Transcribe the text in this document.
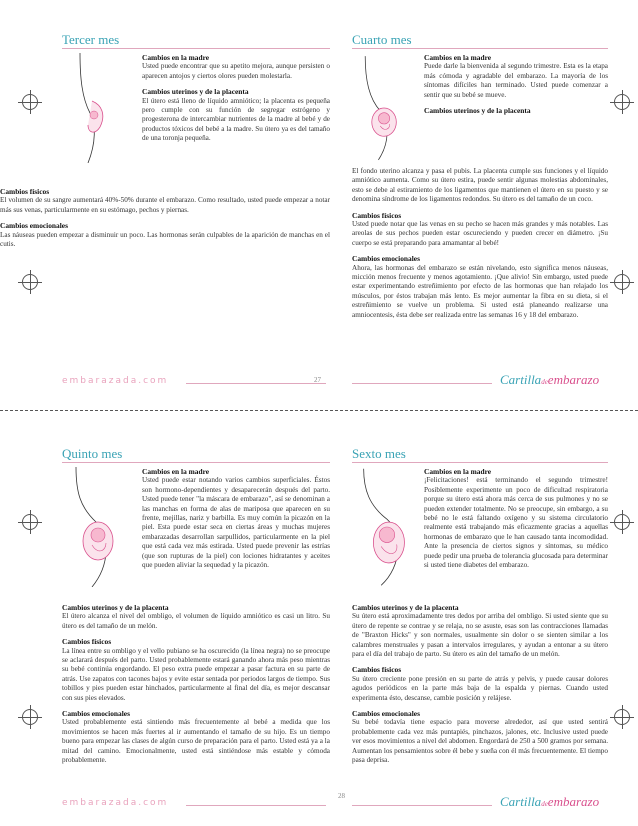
Tercer mes
Cambios en la madre
Usted puede encontrar que su apetito mejora, aunque persisten o aparecen antojos y ciertos olores pueden molestarla.
Cambios uterinos y de la placenta
El útero está lleno de líquido amniótico; la placenta es pequeña pero cumple con su función de segregar estrógeno y progesterona de intercambiar nutrientes de la madre al bebé y de productos tóxicos del bebé a la madre. Su útero ya es del tamaño de una toronja pequeña.
Cambios físicos
El volumen de su sangre aumentará 40%-50% durante el embarazo. Como resultado, usted puede empezar a notar más sus venas, particularmente en su estómago, pechos y piernas.
Cambios emocionales
Las náuseas pueden empezar a disminuir un poco. Las hormonas serán culpables de la aparición de manchas en el cutis.
Cuarto mes
Cambios en la madre
Puede darle la bienvenida al segundo trimestre. Esta es la etapa más cómoda y agradable del embarazo. La mayoría de los síntomas difíciles han terminado. Usted puede comenzar a sentir que su bebé se mueve.
Cambios uterinos y de la placenta
El fondo uterino alcanza y pasa el pubis. La placenta cumple sus funciones y el líquido amniótico aumenta. Como su útero estira, puede sentir algunas molestias abdominales, esto se debe al estiramiento de los ligamentos que mantienen el útero en su puesto y se denomina síndrome de los ligamentos redondos. Su útero es del tamaño de un coco.
Cambios físicos
Usted puede notar que las venas en su pecho se hacen más grandes y más notables. Las areolas de sus pechos pueden estar oscureciendo y pueden crecer en diámetro. ¡Su cuerpo se está preparando para amamantar al bebé!
Cambios emocionales
Ahora, las hormonas del embarazo se están nivelando, esto significa menos náuseas, micción menos frecuente y menos agotamiento. ¡Que alivio! Sin embargo, usted puede estar experimentando estreñimiento por efecto de las hormonas que han relajado los músculos, por éstos trabajan más lento. Es mejor aumentar la fibra en su dieta, si el estreñimiento se vuelve un problema. Si usted está planeando realizarse una amniocentesis, ésta debe ser realizada entre las semanas 16 y 18 del embarazo.
embarazada.com	27	Cartilladeembarazo
Quinto mes
Cambios en la madre
Usted puede estar notando varios cambios superficiales. Éstos son hormono-dependientes y desaparecerán después del parto. Usted puede tener "la máscara de embarazo", así se denominan a las manchas en forma de alas de mariposa que aparecen en su frente, mejillas, nariz y barbilla. Es muy común la picazón en la piel. Esta puede estar seca en ciertas áreas y muchas mujeres embarazadas desarrollan sarpullidos, particularmente en la piel que está cada vez más estirada. Usted puede prevenir las estrías (que son rupturas de la piel) con lociones hidratantes y aceites que pueden aliviar la sequedad y la picazón.
Cambios uterinos y de la placenta
El útero alcanza el nivel del ombligo, el volumen de líquido amniótico es casi un litro. Su útero es del tamaño de un melón.
Cambios físicos
La línea entre su ombligo y el vello pubiano se ha oscurecido (la línea negra) no se preocupe se aclarará después del parto. Usted probablemente estará ganando ahora más peso mientras su bebé continúa engordando. El peso extra puede empezar a pasar factura en su parte de atrás. Use zapatos con tacones bajos y evite estar sentada por periodos largos de tiempo. Sus tobillos y pies pueden estar hinchados, particularmente al final del día, es mejor descansar con sus pies elevados.
Cambios emocionales
Usted probablemente está sintiendo más frecuentemente al bebé a medida que los movimientos se hacen más fuertes al ir aumentando el tamaño de su hijo. Es un tiempo bueno para empezar las clases de algún curso de preparación para el parto. Usted está ya a la mitad del camino. Emocionalmente, usted está sintiéndose más estable y cómoda probablemente.
Sexto mes
Cambios en la madre
¡Felicitaciones! está terminando el segundo trimestre! Posiblemente experimente un poco de dificultad respiratoria porque su útero está ahora más cerca de sus pulmones y no se pueden extender totalmente. No se preocupe, sin embargo, a su bebé no le está faltando oxígeno y su sistema circulatorio realmente está trabajando más eficazmente gracias a aquellas hormonas de embarazo que le han causado tanta incomodidad. Ante la presencia de ciertos signos y síntomas, su médico puede pedir una prueba de tolerancia glucosada para determinar si usted tiene diabetes del embarazo.
Cambios uterinos y de la placenta
Su útero está aproximadamente tres dedos por arriba del ombligo. Si usted siente que su útero de repente se contrae y se relaja, no se asuste, esas son las contracciones llamadas de "Braxton Hicks" y son normales, usualmente sin dolor o se sienten similar a los calambres menstruales y pasan a intervalos irregulares, y ayudan a entonar a su útero para el día del trabajo de parto. Su útero es aún del tamaño de un melón.
Cambios físicos
Su útero creciente pone presión en su parte de atrás y pelvis, y puede causar dolores agudos periódicos en la parte más baja de la espalda y piernas. Cuando usted experimenta ésto, descanse, cambie posición y relájese.
Cambios emocionales
Su bebé todavía tiene espacio para moverse alrededor, así que usted sentirá probablemente cada vez más puntapiés, pinchazos, jalones, etc. Inclusive usted puede ver esos movimientos a nivel del abdomen. Engordará de 250 a 500 gramos por semana. Aumentan los pensamientos sobre él bebe y sueña con él más frecuentemente. El tiempo pasa deprisa.
embarazada.com
28	Cartilladeembarazo
